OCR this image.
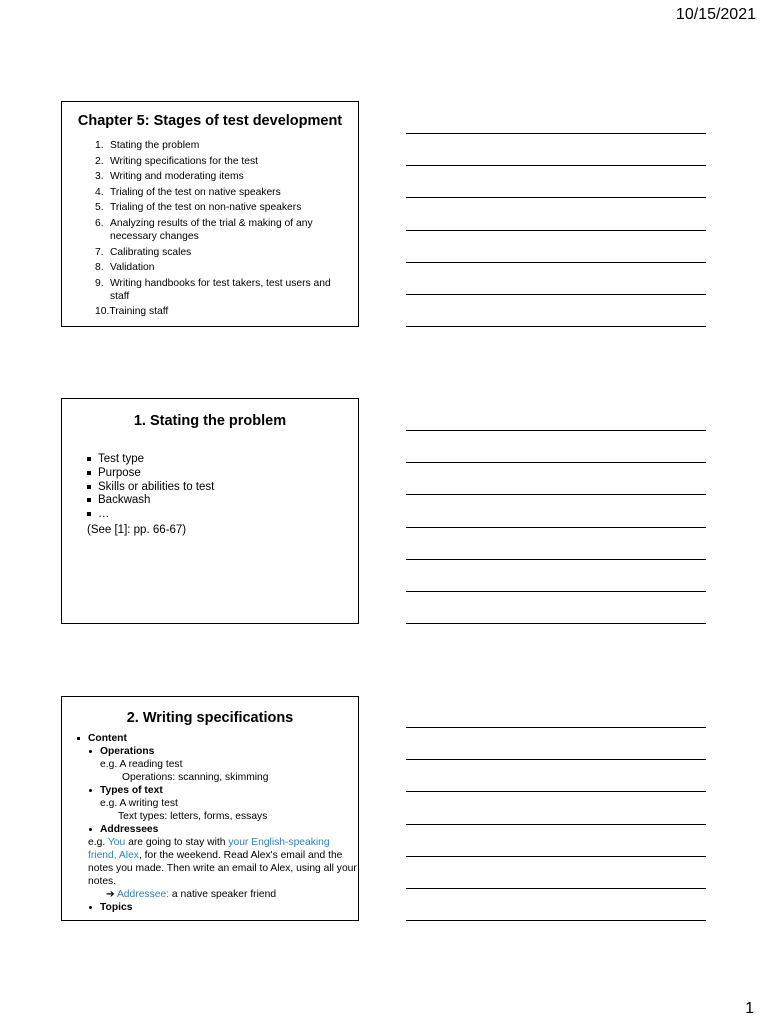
10/15/2021
Chapter 5: Stages of test development
1. Stating the problem
2. Writing specifications for the test
3. Writing and moderating items
4. Trialing of the test on native speakers
5. Trialing of the test on non-native speakers
6. Analyzing results of the trial & making of any necessary changes
7. Calibrating scales
8. Validation
9. Writing handbooks for test takers, test users and staff
10.Training staff
1. Stating the problem
Test type
Purpose
Skills or abilities to test
Backwash
…
(See [1]: pp. 66-67)
2. Writing specifications
Content
Operations
e.g. A reading test
Operations: scanning, skimming
Types of text
e.g. A writing test
Text types: letters, forms, essays
Addressees
e.g. You are going to stay with your English-speaking friend, Alex, for the weekend. Read Alex's email and the notes you made. Then write an email to Alex, using all your notes.
➔ Addressee: a native speaker friend
Topics
1
